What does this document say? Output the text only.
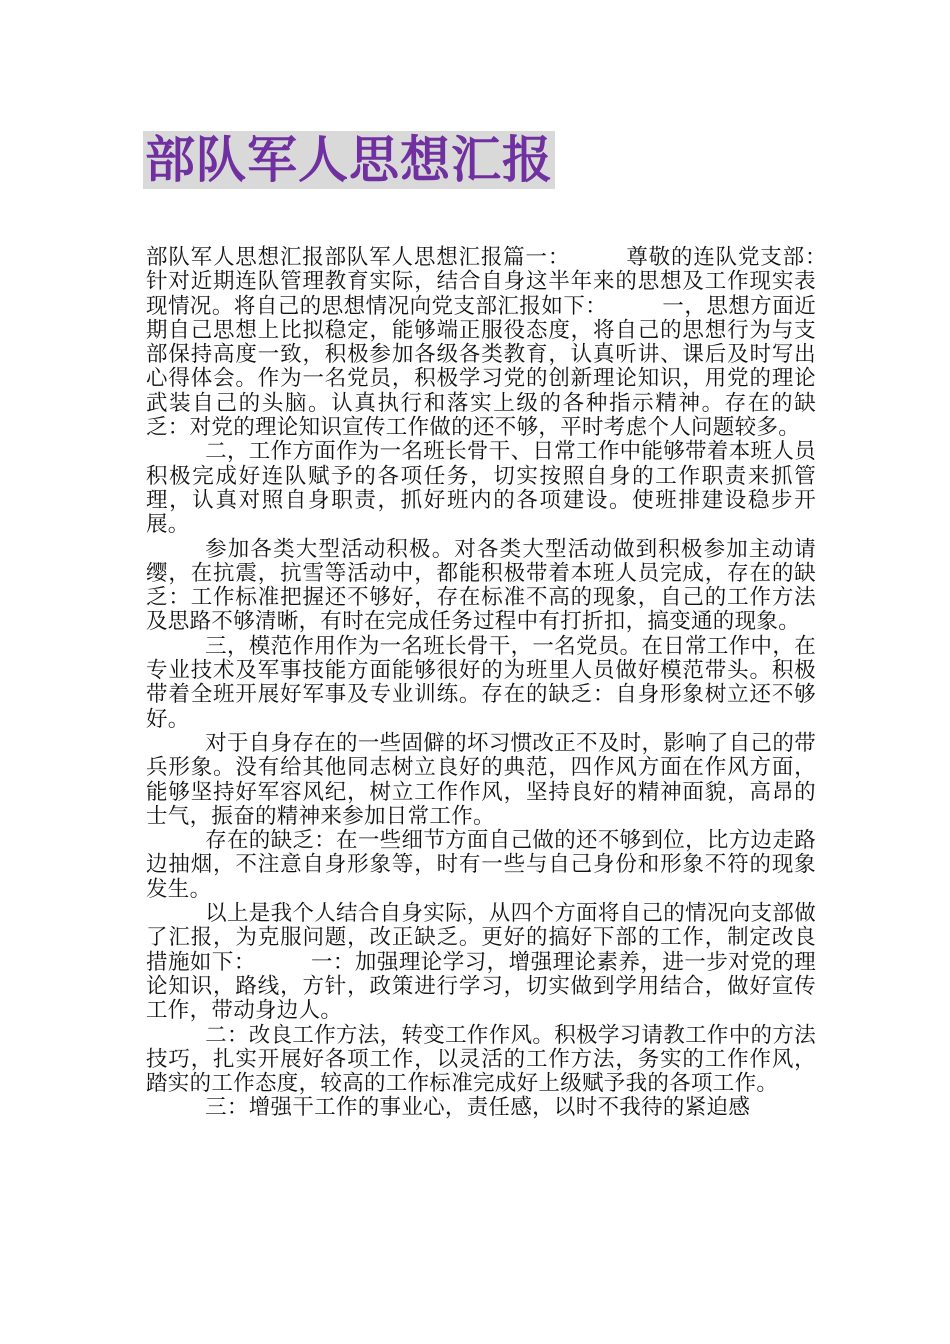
部队军人思想汇报

部队军人思想汇报部队军人思想汇报篇一：　　　尊敬的连队党支部：　　　针对近期连队管理教育实际，结合自身这半年来的思想及工作现实表现情况。将自己的思想情况向党支部汇报如下：　　　一，思想方面近期自己思想上比拟稳定，能够端正服役态度，将自己的思想行为与支部保持高度一致，积极参加各级各类教育，认真听讲、课后及时写出心得体会。作为一名党员，积极学习党的创新理论知识，用党的理论武装自己的头脑。认真执行和落实上级的各种指示精神。存在的缺乏：对党的理论知识宣传工作做的还不够，平时考虑个人问题较多。

二，工作方面作为一名班长骨干、日常工作中能够带着本班人员积极完成好连队赋予的各项任务，切实按照自身的工作职责来抓管理，认真对照自身职责，抓好班内的各项建设。使班排建设稳步开展。

参加各类大型活动积极。对各类大型活动做到积极参加主动请缨，在抗震，抗雪等活动中，都能积极带着本班人员完成，存在的缺乏：工作标准把握还不够好，存在标准不高的现象，自己的工作方法及思路不够清晰，有时在完成任务过程中有打折扣，搞变通的现象。

三，模范作用作为一名班长骨干，一名党员。在日常工作中，在专业技术及军事技能方面能够很好的为班里人员做好模范带头。积极带着全班开展好军事及专业训练。存在的缺乏：自身形象树立还不够好。

对于自身存在的一些固僻的坏习惯改正不及时，影响了自己的带兵形象。没有给其他同志树立良好的典范，四作风方面在作风方面，能够坚持好军容风纪，树立工作作风，坚持良好的精神面貌，高昂的士气，振奋的精神来参加日常工作。

存在的缺乏：在一些细节方面自己做的还不够到位，比方边走路边抽烟，不注意自身形象等，时有一些与自己身份和形象不符的现象发生。

以上是我个人结合自身实际，从四个方面将自己的情况向支部做了汇报，为克服问题，改正缺乏。更好的搞好下部的工作，制定改良措施如下：　　　一：加强理论学习，增强理论素养，进一步对党的理论知识，路线，方针，政策进行学习，切实做到学用结合，做好宣传工作，带动身边人。

二：改良工作方法，转变工作作风。积极学习请教工作中的方法技巧，扎实开展好各项工作，以灵活的工作方法，务实的工作作风，踏实的工作态度，较高的工作标准完成好上级赋予我的各项工作。

三：增强干工作的事业心，责任感，以时不我待的紧迫感
